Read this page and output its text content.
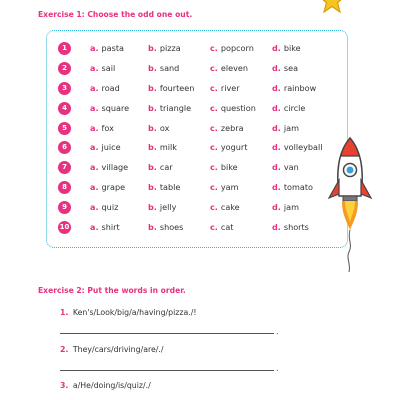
Exercise 1: Choose the odd one out.
1	a. pasta	b. pizza	c. popcorn d. bike
2	a. sail	b. sand	c. eleven	d. sea
3	a. road	b. fourteen c. river	d. rainbow
4	a. square b. triangle c. question d. circle
5	a. fox	b. ox	c. zebra	d. jam
6	a. juice	b. milk	c. yogurt	d. volleyball
7	a. village b. car	c. bike	d. van
8	a. grape	b. table	c. yam	d. tomato
9	a. quiz	b. jelly	c. cake	d. jam
10	a. shirt	b. shoes	c. cat	d. shorts
Exercise 2: Put the words in order.

1. Ken's/Look/big/a/having/pizza./!

.

2. They/cars/driving/are/./

.

3. a/He/doing/is/quiz/./
